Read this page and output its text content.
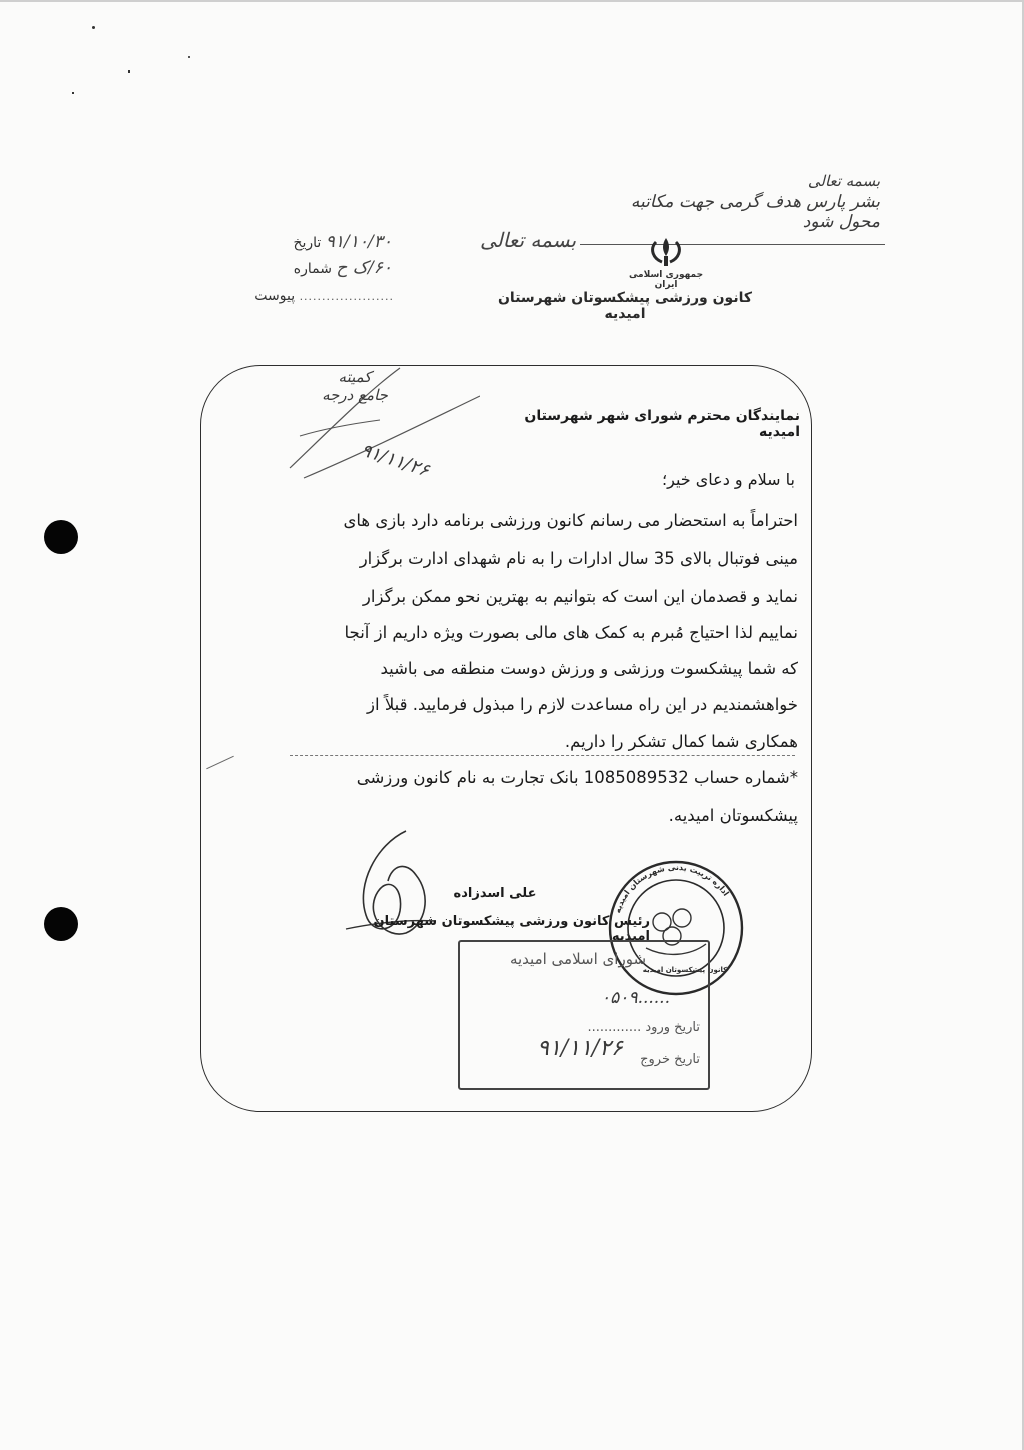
بسمه تعالی
بشر پارس هدف گرمی جهت مکاتبه محول شود
بسمه تعالی
جمهوری اسلامی ایران
کانون ورزشی پیشکسوتان شهرستان امیدیه
تاریخ ۹۱/۱۰/۳۰
شماره ۶۰/ک ح
پیوست .....................
کمیته
جامع درجه
۹۱/۱۱/۲۶
نمایندگان محترم شورای شهر شهرستان امیدیه
با سلام و دعای خیر؛
احتراماً به استحضار می رسانم کانون ورزشی برنامه دارد بازی های
مینی فوتبال بالای 35 سال ادارات را به نام شهدای ادارت برگزار
نماید و قصدمان این است که بتوانیم به بهترین نحو ممکن برگزار
نماییم لذا احتیاج مُبرم به کمک های مالی بصورت ویژه داریم از آنجا
که شما پیشکسوت ورزشی و ورزش دوست منطقه می باشید
خواهشمندیم در این راه مساعدت لازم را مبذول فرمایید. قبلاً از
همکاری شما کمال تشکر را داریم.
*شماره حساب 1085089532 بانک تجارت به نام کانون ورزشی
پیشکسوتان امیدیه.
علی اسدزاده
رئیس کانون ورزشی پیشکسوتان شهرستان امیدیه
اداره تربیت بدنی شهرستان امیدیه
کانون پیشکسوتان امیدیه
شورای اسلامی امیدیه
۰۵۰۹......
تاریخ ورود .............
۹۱/۱۱/۲۶	تاریخ خروج
